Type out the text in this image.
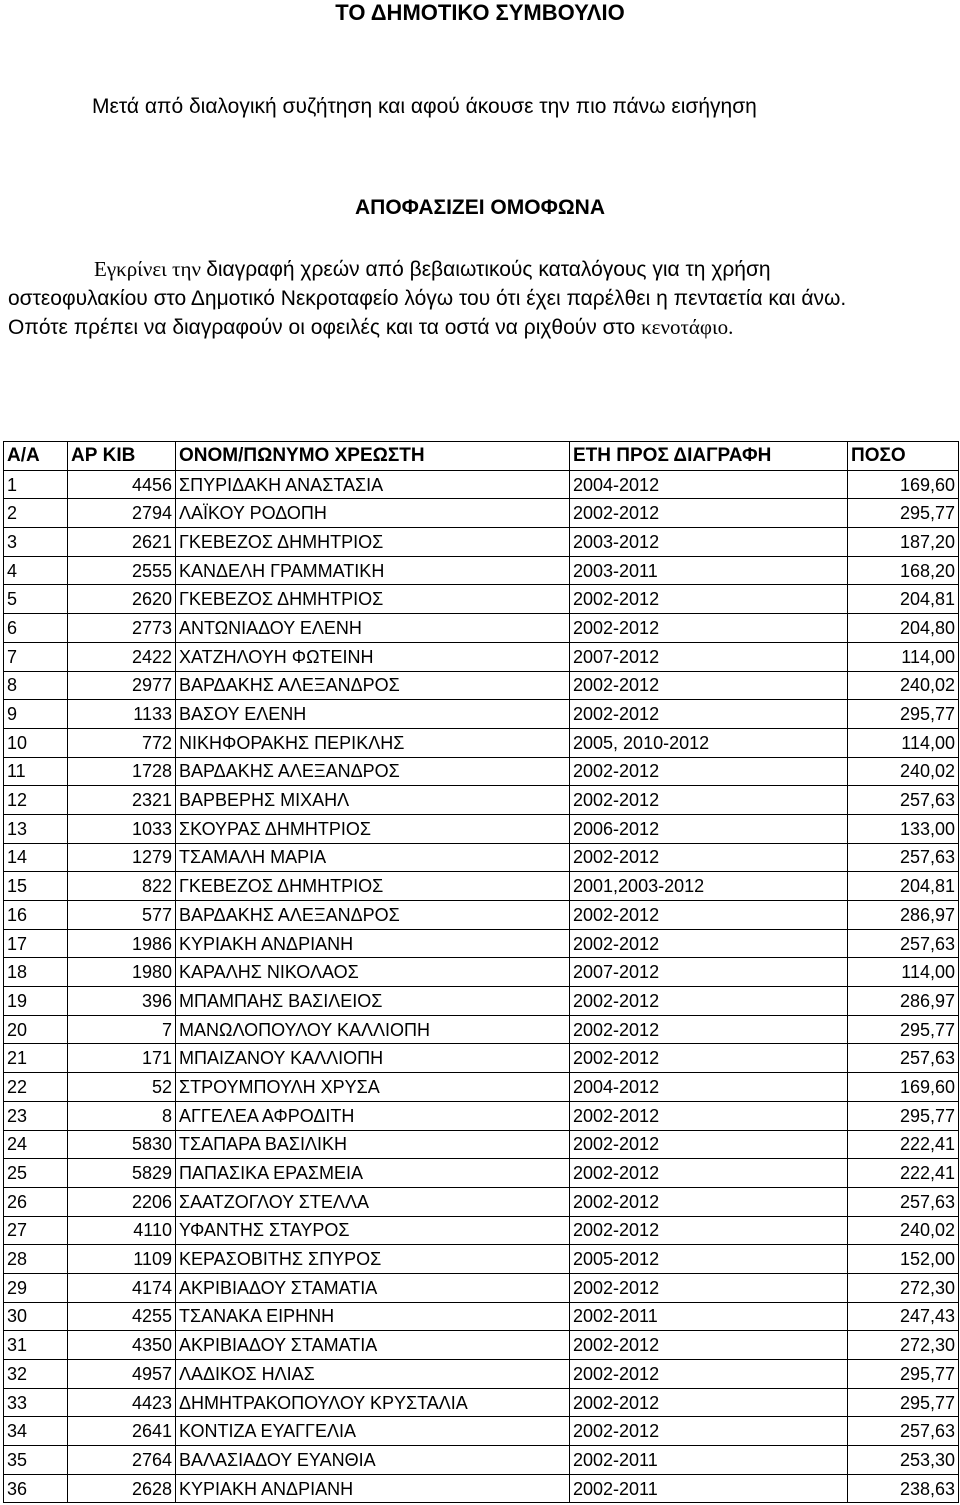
ΤΟ ΔΗΜΟΤΙΚΟ ΣΥΜΒΟΥΛΙΟ
Μετά από διαλογική συζήτηση και αφού άκουσε την πιο πάνω εισήγηση
ΑΠΟΦΑΣΙΖΕΙ ΟΜΟΦΩΝΑ
Εγκρίνει την διαγραφή χρεών από βεβαιωτικούς καταλόγους για τη χρήση
οστεοφυλακίου στο Δημοτικό Νεκροταφείο λόγω του ότι έχει παρέλθει η πενταετία και άνω.
Οπότε πρέπει να διαγραφούν οι οφειλές και τα οστά να ριχθούν στο κενοτάφιο.
Α/Α	ΑΡ ΚΙΒ	ΟΝΟΜ/ΠΩΝΥΜΟ ΧΡΕΩΣΤΗ	ΕΤΗ ΠΡΟΣ ΔΙΑΓΡΑΦΗ	ΠΟΣΟ
1	4456	ΣΠΥΡΙΔΑΚΗ ΑΝΑΣΤΑΣΙΑ	2004-2012	169,60
2	2794	ΛΑΪΚΟΥ ΡΟΔΟΠΗ	2002-2012	295,77
3	2621	ΓΚΕΒΕΖΟΣ ΔΗΜΗΤΡΙΟΣ	2003-2012	187,20
4	2555	ΚΑΝΔΕΛΗ ΓΡΑΜΜΑΤΙΚΗ	2003-2011	168,20
5	2620	ΓΚΕΒΕΖΟΣ ΔΗΜΗΤΡΙΟΣ	2002-2012	204,81
6	2773	ΑΝΤΩΝΙΑΔΟΥ ΕΛΕΝΗ	2002-2012	204,80
7	2422	ΧΑΤΖΗΛΟΥΗ ΦΩΤΕΙΝΗ	2007-2012	114,00
8	2977	ΒΑΡΔΑΚΗΣ ΑΛΕΞΑΝΔΡΟΣ	2002-2012	240,02
9	1133	ΒΑΣΟΥ ΕΛΕΝΗ	2002-2012	295,77
10	772	ΝΙΚΗΦΟΡΑΚΗΣ ΠΕΡΙΚΛΗΣ	2005, 2010-2012	114,00
11	1728	ΒΑΡΔΑΚΗΣ ΑΛΕΞΑΝΔΡΟΣ	2002-2012	240,02
12	2321	ΒΑΡΒΕΡΗΣ ΜΙΧΑΗΛ	2002-2012	257,63
13	1033	ΣΚΟΥΡΑΣ ΔΗΜΗΤΡΙΟΣ	2006-2012	133,00
14	1279	ΤΣΑΜΑΛΗ ΜΑΡΙΑ	2002-2012	257,63
15	822	ΓΚΕΒΕΖΟΣ ΔΗΜΗΤΡΙΟΣ	2001,2003-2012	204,81
16	577	ΒΑΡΔΑΚΗΣ ΑΛΕΞΑΝΔΡΟΣ	2002-2012	286,97
17	1986	ΚΥΡΙΑΚΗ ΑΝΔΡΙΑΝΗ	2002-2012	257,63
18	1980	ΚΑΡΑΛΗΣ ΝΙΚΟΛΑΟΣ	2007-2012	114,00
19	396	ΜΠΑΜΠΑΗΣ ΒΑΣΙΛΕΙΟΣ	2002-2012	286,97
20	7	ΜΑΝΩΛΟΠΟΥΛΟΥ ΚΑΛΛΙΟΠΗ	2002-2012	295,77
21	171	ΜΠΑΙΖΑΝΟΥ ΚΑΛΛΙΟΠΗ	2002-2012	257,63
22	52	ΣΤΡΟΥΜΠΟΥΛΗ ΧΡΥΣΑ	2004-2012	169,60
23	8	ΑΓΓΕΛΕΑ ΑΦΡΟΔΙΤΗ	2002-2012	295,77
24	5830	ΤΣΑΠΑΡΑ ΒΑΣΙΛΙΚΗ	2002-2012	222,41
25	5829	ΠΑΠΑΣΙΚΑ ΕΡΑΣΜΕΙΑ	2002-2012	222,41
26	2206	ΣΑΑΤΖΟΓΛΟΥ ΣΤΕΛΛΑ	2002-2012	257,63
27	4110	ΥΦΑΝΤΗΣ ΣΤΑΥΡΟΣ	2002-2012	240,02
28	1109	ΚΕΡΑΣΟΒΙΤΗΣ ΣΠΥΡΟΣ	2005-2012	152,00
29	4174	ΑΚΡΙΒΙΑΔΟΥ ΣΤΑΜΑΤΙΑ	2002-2012	272,30
30	4255	ΤΣΑΝΑΚΑ ΕΙΡΗΝΗ	2002-2011	247,43
31	4350	ΑΚΡΙΒΙΑΔΟΥ ΣΤΑΜΑΤΙΑ	2002-2012	272,30
32	4957	ΛΑΔΙΚΟΣ ΗΛΙΑΣ	2002-2012	295,77
33	4423	ΔΗΜΗΤΡΑΚΟΠΟΥΛΟΥ ΚΡΥΣΤΑΛΙΑ	2002-2012	295,77
34	2641	ΚΟΝΤΙΖΑ ΕΥΑΓΓΕΛΙΑ	2002-2012	257,63
35	2764	ΒΑΛΑΣΙΑΔΟΥ ΕΥΑΝΘΙΑ	2002-2011	253,30
36	2628	ΚΥΡΙΑΚΗ ΑΝΔΡΙΑΝΗ	2002-2011	238,63
